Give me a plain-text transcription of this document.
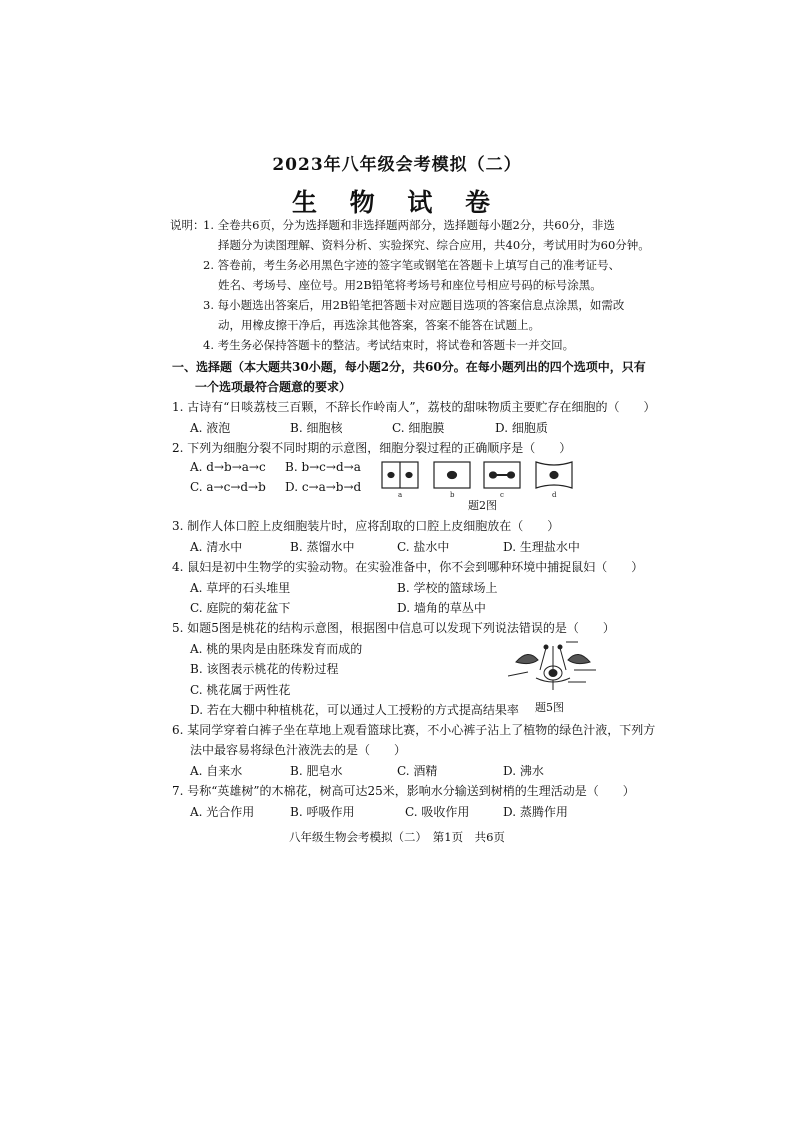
2023年八年级会考模拟（二）
生 物 试 卷
说明：
1. 全卷共6页，分为选择题和非选择题两部分，选择题每小题2分，共60分，非选
择题分为读图理解、资料分析、实验探究、综合应用，共40分，考试用时为60分钟。
2. 答卷前，考生务必用黑色字迹的签字笔或钢笔在答题卡上填写自己的准考证号、
姓名、考场号、座位号。用2B铅笔将考场号和座位号相应号码的标号涂黑。
3. 每小题选出答案后，用2B铅笔把答题卡对应题目选项的答案信息点涂黑，如需改
动，用橡皮擦干净后，再选涂其他答案，答案不能答在试题上。
4. 考生务必保持答题卡的整洁。考试结束时，将试卷和答题卡一并交回。
一、选择题（本大题共30小题，每小题2分，共60分。在每小题列出的四个选项中，只有
一个选项最符合题意的要求）
1. 古诗有“日啖荔枝三百颗，不辞长作岭南人”，荔枝的甜味物质主要贮存在细胞的（　　）
A. 液泡	B. 细胞核	C. 细胞膜	D. 细胞质
2. 下列为细胞分裂不同时期的示意图，细胞分裂过程的正确顺序是（　　）
A. d→b→a→c B. b→c→d→a
C. a→c→d→b D. c→a→b→d
a	b	c	d
题2图
3. 制作人体口腔上皮细胞装片时，应将刮取的口腔上皮细胞放在（　　）
A. 清水中	B. 蒸馏水中	C. 盐水中	D. 生理盐水中
4. 鼠妇是初中生物学的实验动物。在实验准备中，你不会到哪种环境中捕捉鼠妇（　　）
A. 草坪的石头堆里	B. 学校的篮球场上
C. 庭院的菊花盆下	D. 墙角的草丛中
5. 如题5图是桃花的结构示意图，根据图中信息可以发现下列说法错误的是（　　）
A. 桃的果肉是由胚珠发育而成的
B. 该图表示桃花的传粉过程
C. 桃花属于两性花
D. 若在大棚中种植桃花，可以通过人工授粉的方式提高结果率 题5图
6. 某同学穿着白裤子坐在草地上观看篮球比赛，不小心裤子沾上了植物的绿色汁液，下列方
法中最容易将绿色汁液洗去的是（　　）
A. 自来水	B. 肥皂水	C. 酒精	D. 沸水
7. 号称“英雄树”的木棉花，树高可达25米，影响水分输送到树梢的生理活动是（　　）
A. 光合作用	B. 呼吸作用	C. 吸收作用	D. 蒸腾作用
八年级生物会考模拟（二）　第1页　共6页
